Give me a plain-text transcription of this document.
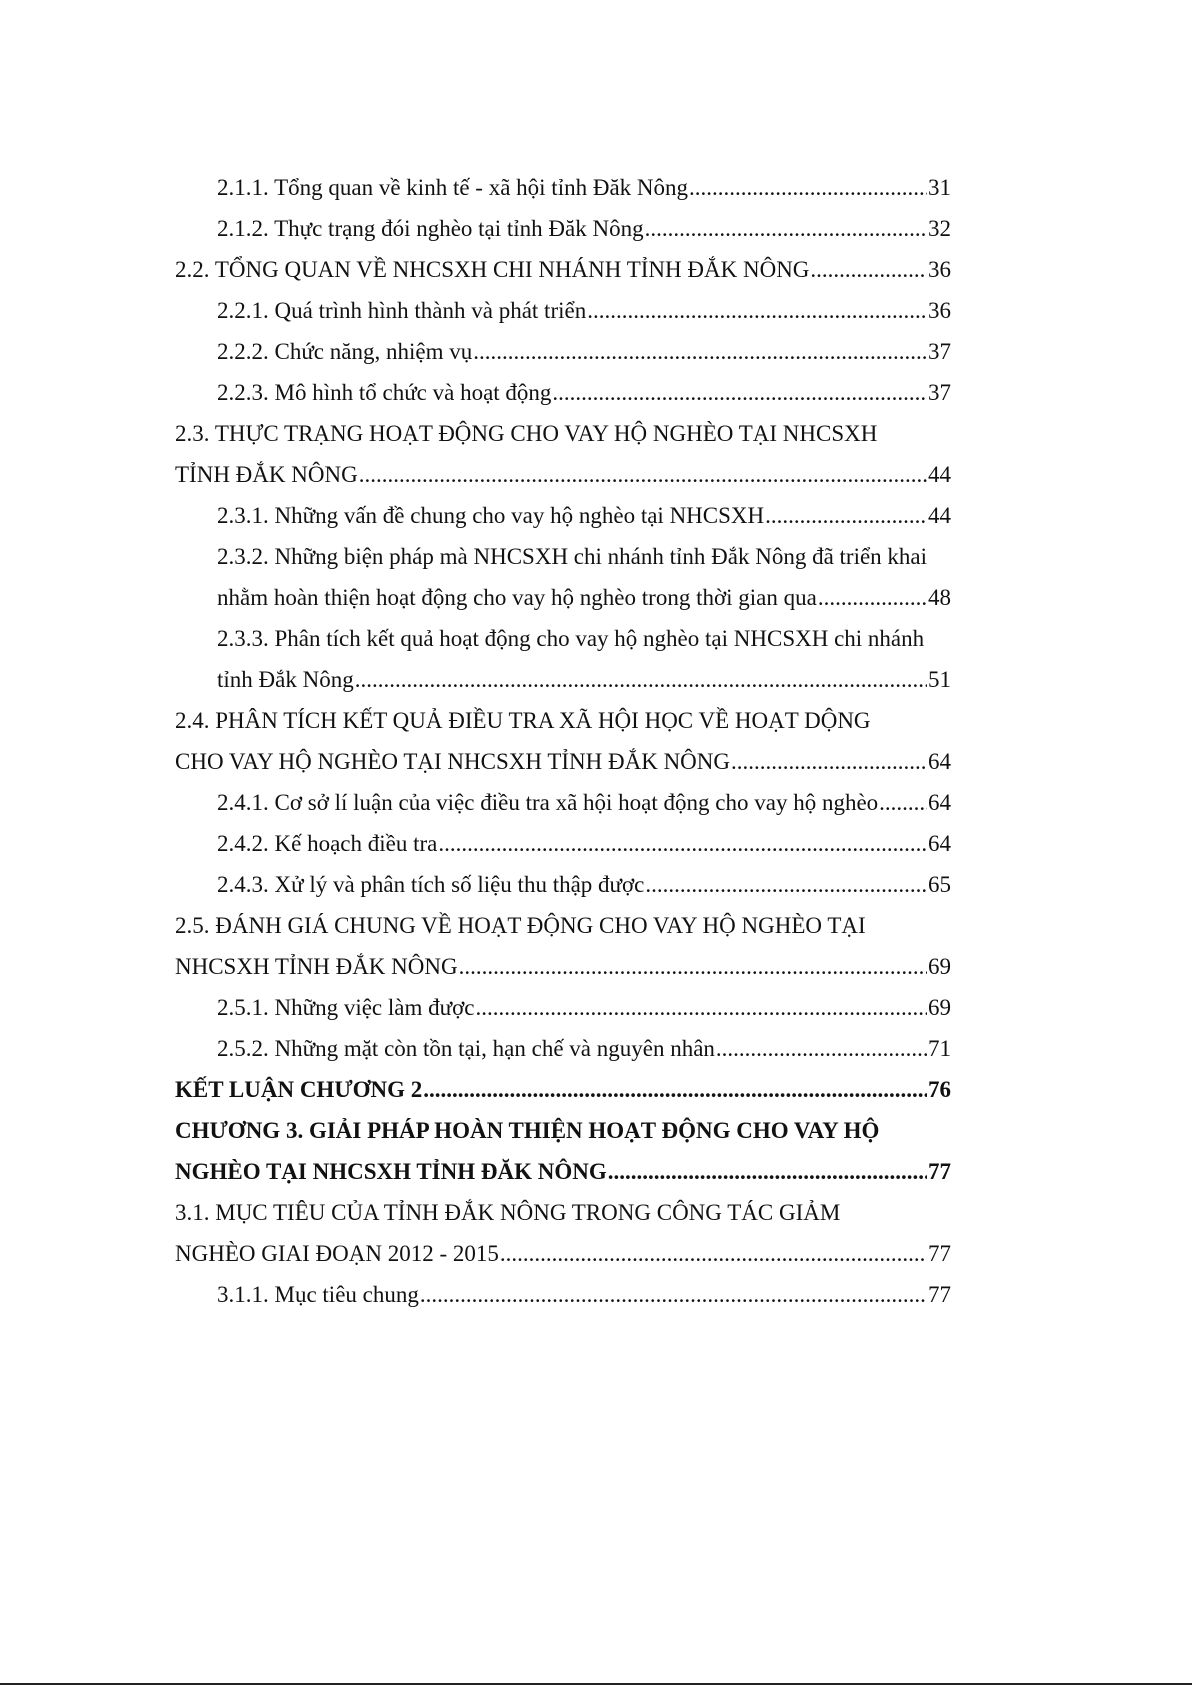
2.1.1. Tổng quan về kinh tế - xã hội tỉnh Đăk Nông .....	31
2.1.2. Thực trạng đói nghèo tại tỉnh Đăk Nông .....	32
2.2. TỔNG QUAN VỀ NHCSXH CHI NHÁNH TỈNH ĐẮK NÔNG .....	36
2.2.1. Quá trình hình thành và phát triển .....	36
2.2.2. Chức năng, nhiệm vụ .....	37
2.2.3. Mô hình tổ chức và hoạt động .....	37
2.3. THỰC TRẠNG HOẠT ĐỘNG CHO VAY HỘ NGHÈO TẠI NHCSXH
TỈNH ĐẮK NÔNG .....	44
2.3.1. Những vấn đề chung cho vay hộ nghèo tại NHCSXH .....	44
2.3.2. Những biện pháp mà NHCSXH chi nhánh tỉnh Đắk Nông đã triển khai
nhằm hoàn thiện hoạt động cho vay hộ nghèo trong thời gian qua .....	48
2.3.3. Phân tích kết quả hoạt động cho vay hộ nghèo tại NHCSXH chi nhánh
tỉnh Đắk Nông .....	51
2.4. PHÂN TÍCH KẾT QUẢ ĐIỀU TRA XÃ HỘI HỌC VỀ HOẠT DỘNG
CHO VAY HỘ NGHÈO TẠI NHCSXH TỈNH ĐẮK NÔNG .....	64
2.4.1. Cơ sở lí luận của việc điều tra xã hội hoạt động cho vay hộ nghèo ..... 64
2.4.2. Kế hoạch điều tra .....	64
2.4.3. Xử lý và phân tích số liệu thu thập được .....	65
2.5. ĐÁNH GIÁ CHUNG VỀ HOẠT ĐỘNG CHO VAY HỘ NGHÈO TẠI
NHCSXH TỈNH ĐẮK NÔNG .....	69
2.5.1. Những việc làm được .....	69
2.5.2. Những mặt còn tồn tại, hạn chế và nguyên nhân .....	71
KẾT LUẬN CHƯƠNG 2 .....	76
CHƯƠNG 3. GIẢI PHÁP HOÀN THIỆN HOẠT ĐỘNG CHO VAY HỘ
NGHÈO TẠI NHCSXH TỈNH ĐĂK NÔNG .....	77
3.1. MỤC TIÊU CỦA TỈNH ĐẮK NÔNG TRONG CÔNG TÁC GIẢM
NGHÈO GIAI ĐOẠN 2012 - 2015 .....	77
3.1.1. Mục tiêu chung .....	77
